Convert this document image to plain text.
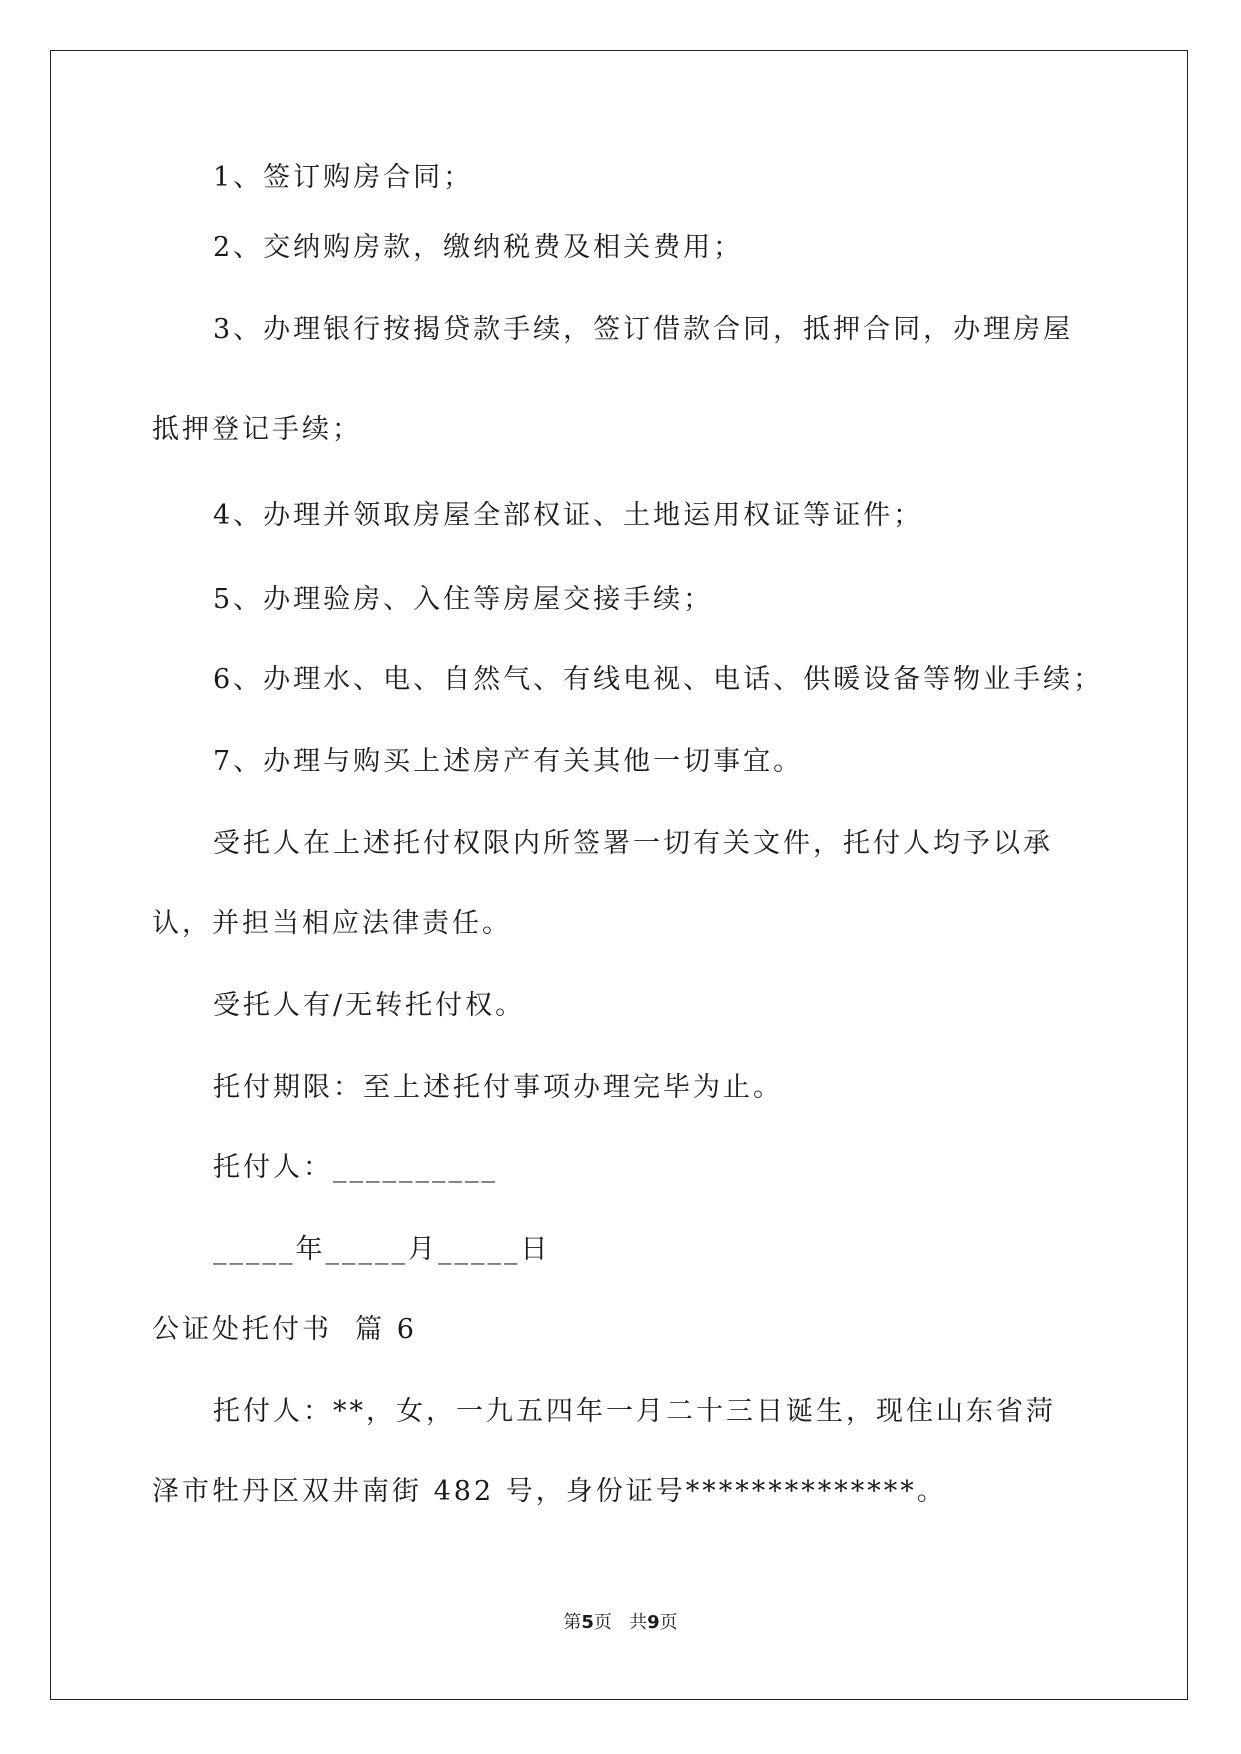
1、签订购房合同；

2、交纳购房款，缴纳税费及相关费用；

3、办理银行按揭贷款手续，签订借款合同，抵押合同，办理房屋

抵押登记手续；

4、办理并领取房屋全部权证、土地运用权证等证件；

5、办理验房、入住等房屋交接手续；

6、办理水、电、自然气、有线电视、电话、供暖设备等物业手续；

7、办理与购买上述房产有关其他一切事宜。

受托人在上述托付权限内所签署一切有关文件，托付人均予以承

认，并担当相应法律责任。

受托人有/无转托付权。

托付期限：至上述托付事项办理完毕为止。

托付人：__________

_____年_____月_____日

公证处托付书  篇 6

托付人：**，女，一九五四年一月二十三日诞生，现住山东省菏

泽市牡丹区双井南街 482 号，身份证号**************。

第5页   共9页
